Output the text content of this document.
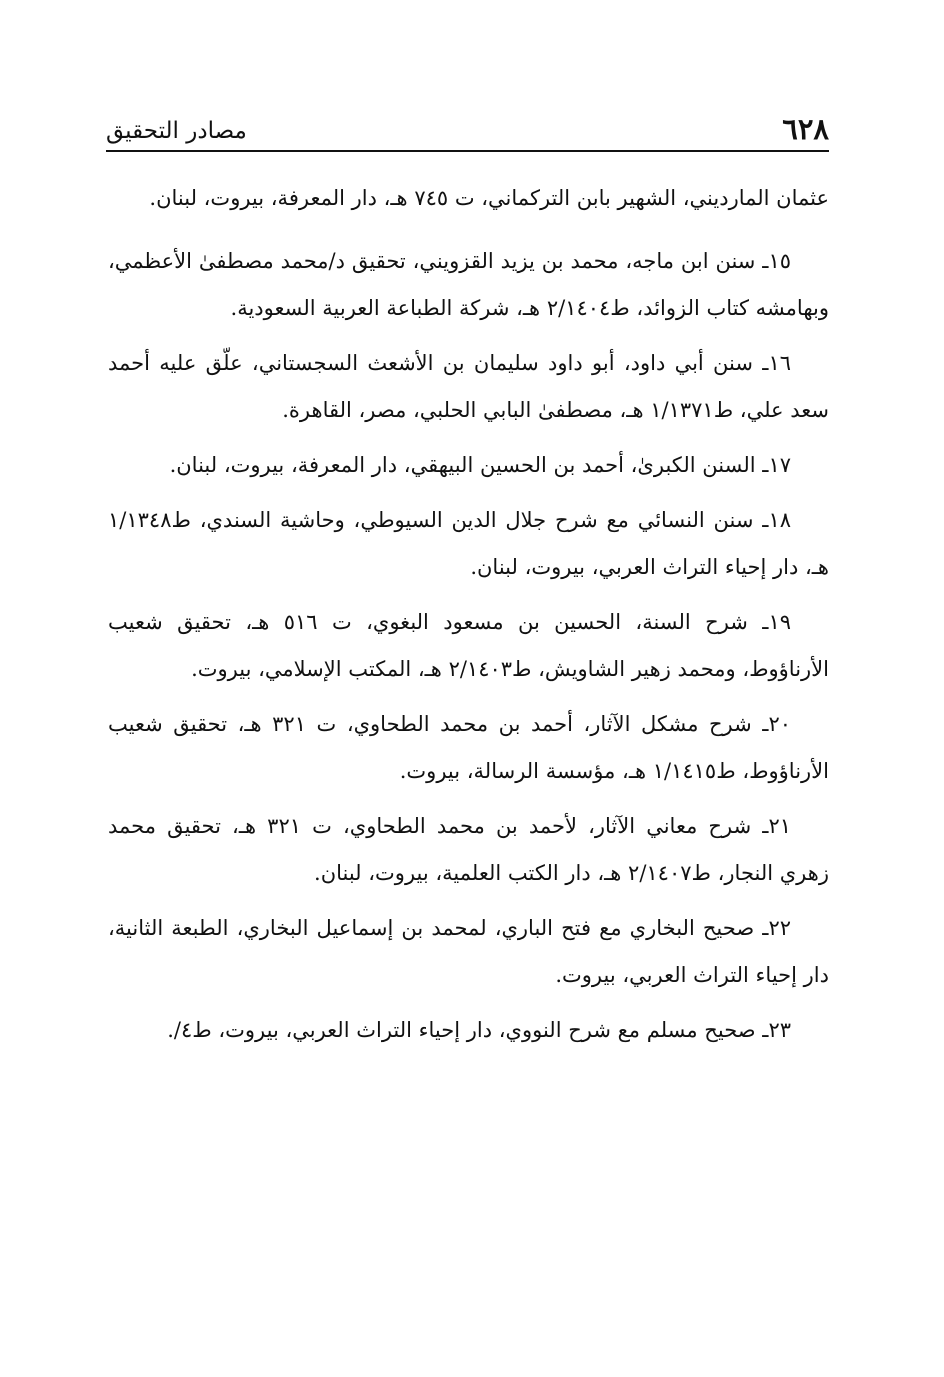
٦٢٨
مصادر التحقيق

عثمان المارديني، الشهير بابن التركماني، ت ٧٤٥ هـ، دار المعرفة، بيروت، لبنان.

١٥ـ سنن ابن ماجه، محمد بن يزيد القزويني، تحقيق د/محمد مصطفىٰ الأعظمي، وبهامشه كتاب الزوائد، ط٢/١٤٠٤ هـ، شركة الطباعة العربية السعودية.

١٦ـ سنن أبي داود، أبو داود سليمان بن الأشعث السجستاني، علّق عليه أحمد سعد علي، ط١/١٣٧١ هـ، مصطفىٰ البابي الحلبي، مصر، القاهرة.

١٧ـ السنن الكبرىٰ، أحمد بن الحسين البيهقي، دار المعرفة، بيروت، لبنان.

١٨ـ سنن النسائي مع شرح جلال الدين السيوطي، وحاشية السندي، ط١/١٣٤٨ هـ، دار إحياء التراث العربي، بيروت، لبنان.

١٩ـ شرح السنة، الحسين بن مسعود البغوي، ت ٥١٦ هـ، تحقيق شعيب الأرناؤوط، ومحمد زهير الشاويش، ط٢/١٤٠٣ هـ، المكتب الإسلامي، بيروت.

٢٠ـ شرح مشكل الآثار، أحمد بن محمد الطحاوي، ت ٣٢١ هـ، تحقيق شعيب الأرناؤوط، ط١/١٤١٥ هـ، مؤسسة الرسالة، بيروت.

٢١ـ شرح معاني الآثار، لأحمد بن محمد الطحاوي، ت ٣٢١ هـ، تحقيق محمد زهري النجار، ط٢/١٤٠٧ هـ، دار الكتب العلمية، بيروت، لبنان.

٢٢ـ صحيح البخاري مع فتح الباري، لمحمد بن إسماعيل البخاري، الطبعة الثانية، دار إحياء التراث العربي، بيروت.

٢٣ـ صحيح مسلم مع شرح النووي، دار إحياء التراث العربي، بيروت، ط٤/.
